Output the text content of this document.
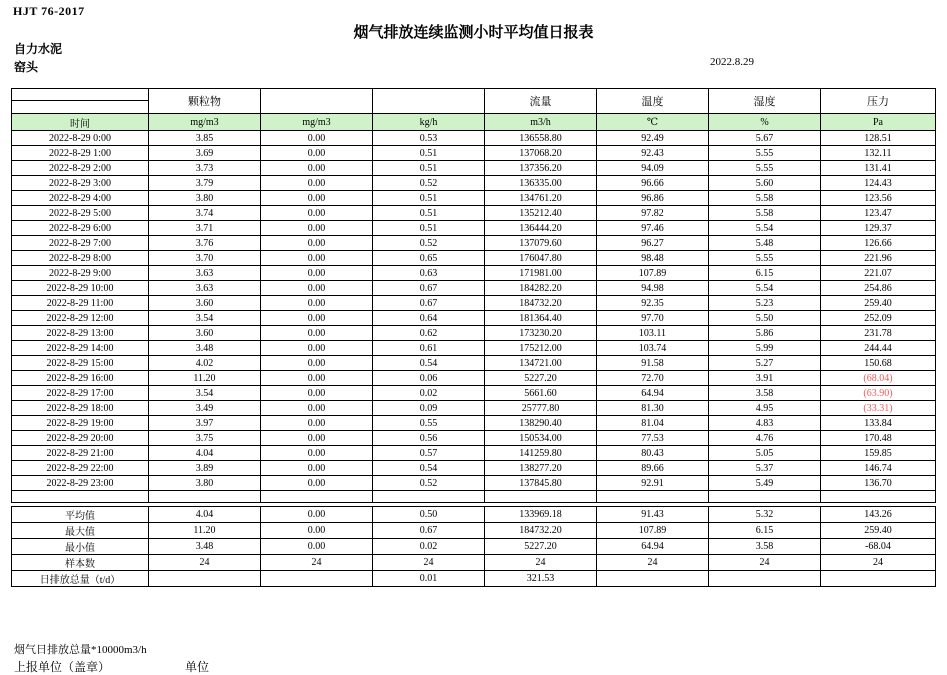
HJT 76-2017
烟气排放连续监测小时平均值日报表
自力水泥
窑头	2022.8.29
	颗粒物			流量	温度	湿度	压力

时间	mg/m3	mg/m3	kg/h	m3/h	℃	%	Pa
2022-8-29 0:00	3.85	0.00	0.53	136558.80	92.49	5.67	128.51
2022-8-29 1:00	3.69	0.00	0.51	137068.20	92.43	5.55	132.11
2022-8-29 2:00	3.73	0.00	0.51	137356.20	94.09	5.55	131.41
2022-8-29 3:00	3.79	0.00	0.52	136335.00	96.66	5.60	124.43
2022-8-29 4:00	3.80	0.00	0.51	134761.20	96.86	5.58	123.56
2022-8-29 5:00	3.74	0.00	0.51	135212.40	97.82	5.58	123.47
2022-8-29 6:00	3.71	0.00	0.51	136444.20	97.46	5.54	129.37
2022-8-29 7:00	3.76	0.00	0.52	137079.60	96.27	5.48	126.66
2022-8-29 8:00	3.70	0.00	0.65	176047.80	98.48	5.55	221.96
2022-8-29 9:00	3.63	0.00	0.63	171981.00	107.89	6.15	221.07
2022-8-29 10:00	3.63	0.00	0.67	184282.20	94.98	5.54	254.86
2022-8-29 11:00	3.60	0.00	0.67	184732.20	92.35	5.23	259.40
2022-8-29 12:00	3.54	0.00	0.64	181364.40	97.70	5.50	252.09
2022-8-29 13:00	3.60	0.00	0.62	173230.20	103.11	5.86	231.78
2022-8-29 14:00	3.48	0.00	0.61	175212.00	103.74	5.99	244.44
2022-8-29 15:00	4.02	0.00	0.54	134721.00	91.58	5.27	150.68
2022-8-29 16:00	11.20	0.00	0.06	5227.20	72.70	3.91	(68.04)
2022-8-29 17:00	3.54	0.00	0.02	5661.60	64.94	3.58	(63.90)
2022-8-29 18:00	3.49	0.00	0.09	25777.80	81.30	4.95	(33.31)
2022-8-29 19:00	3.97	0.00	0.55	138290.40	81.04	4.83	133.84
2022-8-29 20:00	3.75	0.00	0.56	150534.00	77.53	4.76	170.48
2022-8-29 21:00	4.04	0.00	0.57	141259.80	80.43	5.05	159.85
2022-8-29 22:00	3.89	0.00	0.54	138277.20	89.66	5.37	146.74
2022-8-29 23:00	3.80	0.00	0.52	137845.80	92.91	5.49	136.70

平均值	4.04	0.00	0.50	133969.18	91.43	5.32	143.26
最大值	11.20	0.00	0.67	184732.20	107.89	6.15	259.40
最小值	3.48	0.00	0.02	5227.20	64.94	3.58	-68.04
样本数	24	24	24	24	24	24	24
日排放总量（t/d）			0.01	321.53			
烟气日排放总量*10000m3/h
上报单位（盖章）	单位
